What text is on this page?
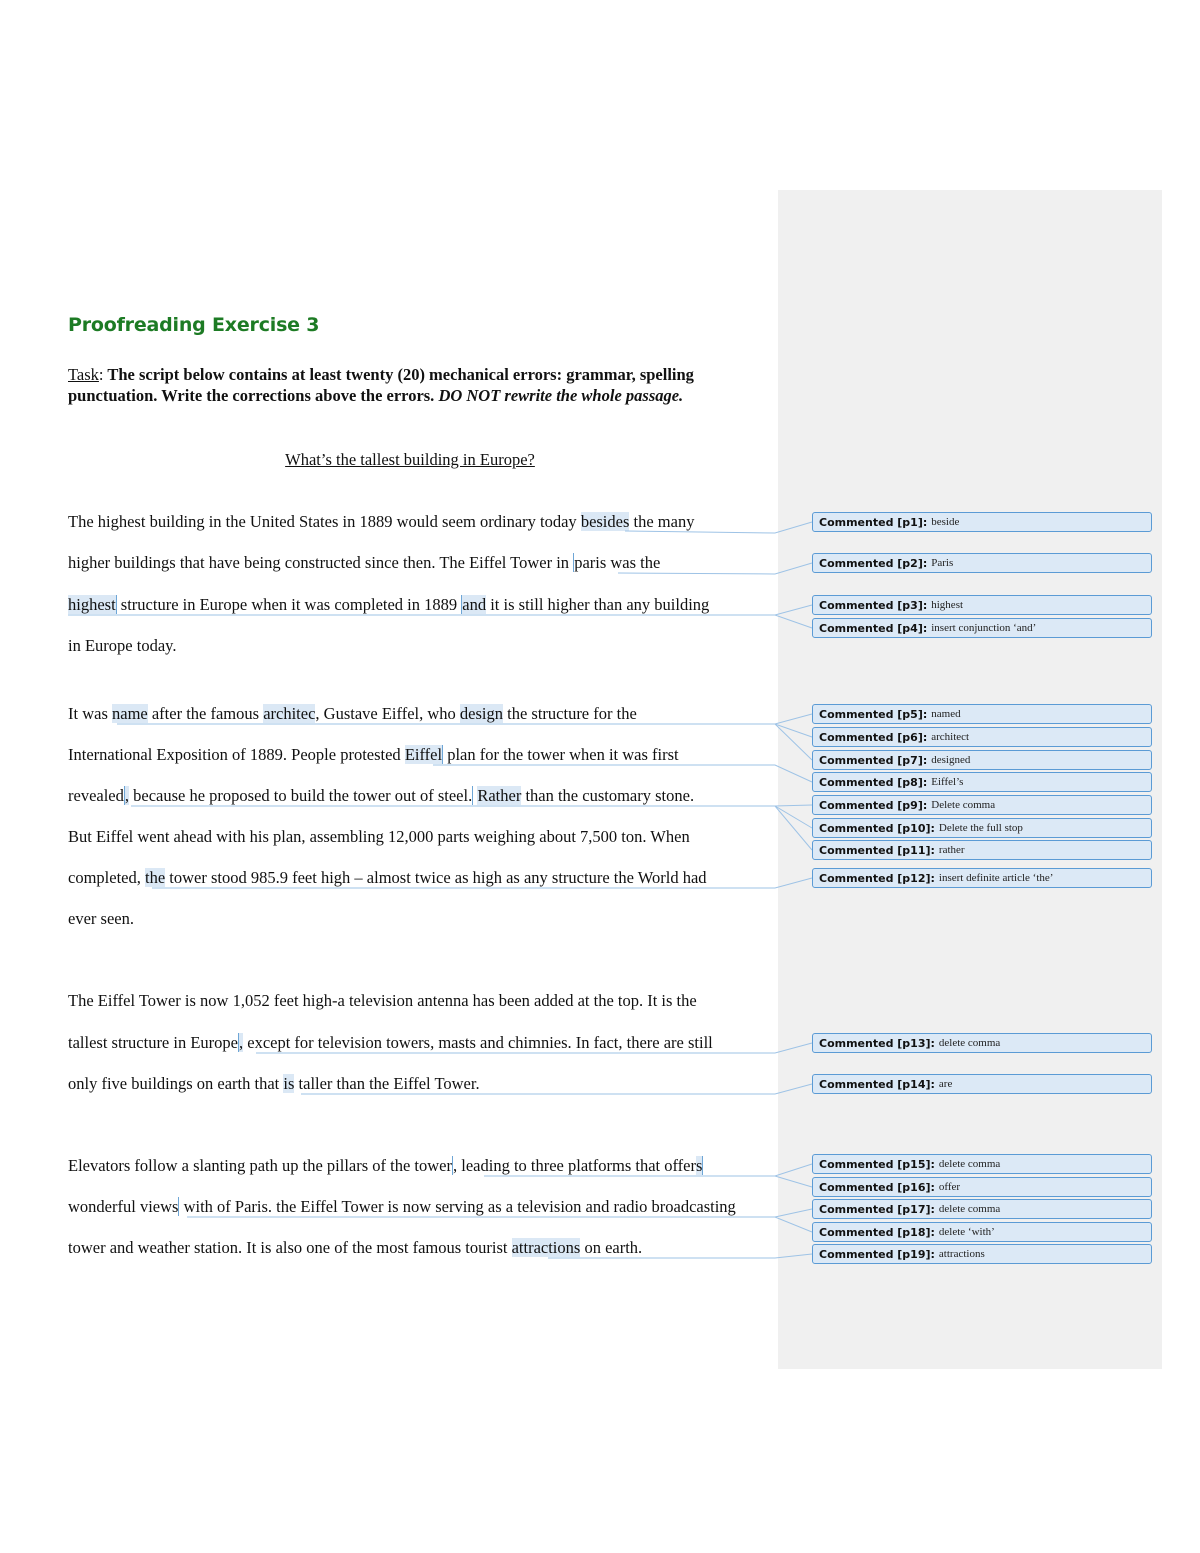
Proofreading Exercise 3
Task: The script below contains at least twenty (20) mechanical errors: grammar, spelling punctuation. Write the corrections above the errors. DO NOT rewrite the whole passage.
What’s the tallest building in Europe?
The highest building in the United States in 1889 would seem ordinary today besides the many
higher buildings that have being constructed since then. The Eiffel Tower in paris was the
highest structure in Europe when it was completed in 1889 and it is still higher than any building
in Europe today.
It was name after the famous architec, Gustave Eiffel, who design the structure for the
International Exposition of 1889. People protested Eiffel plan for the tower when it was first
revealed, because he proposed to build the tower out of steel. Rather than the customary stone.
But Eiffel went ahead with his plan, assembling 12,000 parts weighing about 7,500 ton. When
completed, the tower stood 985.9 feet high – almost twice as high as any structure the World had
ever seen.
The Eiffel Tower is now 1,052 feet high-a television antenna has been added at the top. It is the
tallest structure in Europe, except for television towers, masts and chimnies. In fact, there are still
only five buildings on earth that is taller than the Eiffel Tower.
Elevators follow a slanting path up the pillars of the tower, leading to three platforms that offers
wonderful views with of Paris. the Eiffel Tower is now serving as a television and radio broadcasting
tower and weather station. It is also one of the most famous tourist attractions on earth.
Commented [p1]: beside
Commented [p2]: Paris
Commented [p3]: highest
Commented [p4]: insert conjunction ‘and’
Commented [p5]: named
Commented [p6]: architect
Commented [p7]: designed
Commented [p8]: Eiffel’s
Commented [p9]: Delete comma
Commented [p10]: Delete the full stop
Commented [p11]: rather
Commented [p12]: insert definite article ‘the’
Commented [p13]: delete comma
Commented [p14]: are
Commented [p15]: delete comma
Commented [p16]: offer
Commented [p17]: delete comma
Commented [p18]: delete ‘with’
Commented [p19]: attractions
